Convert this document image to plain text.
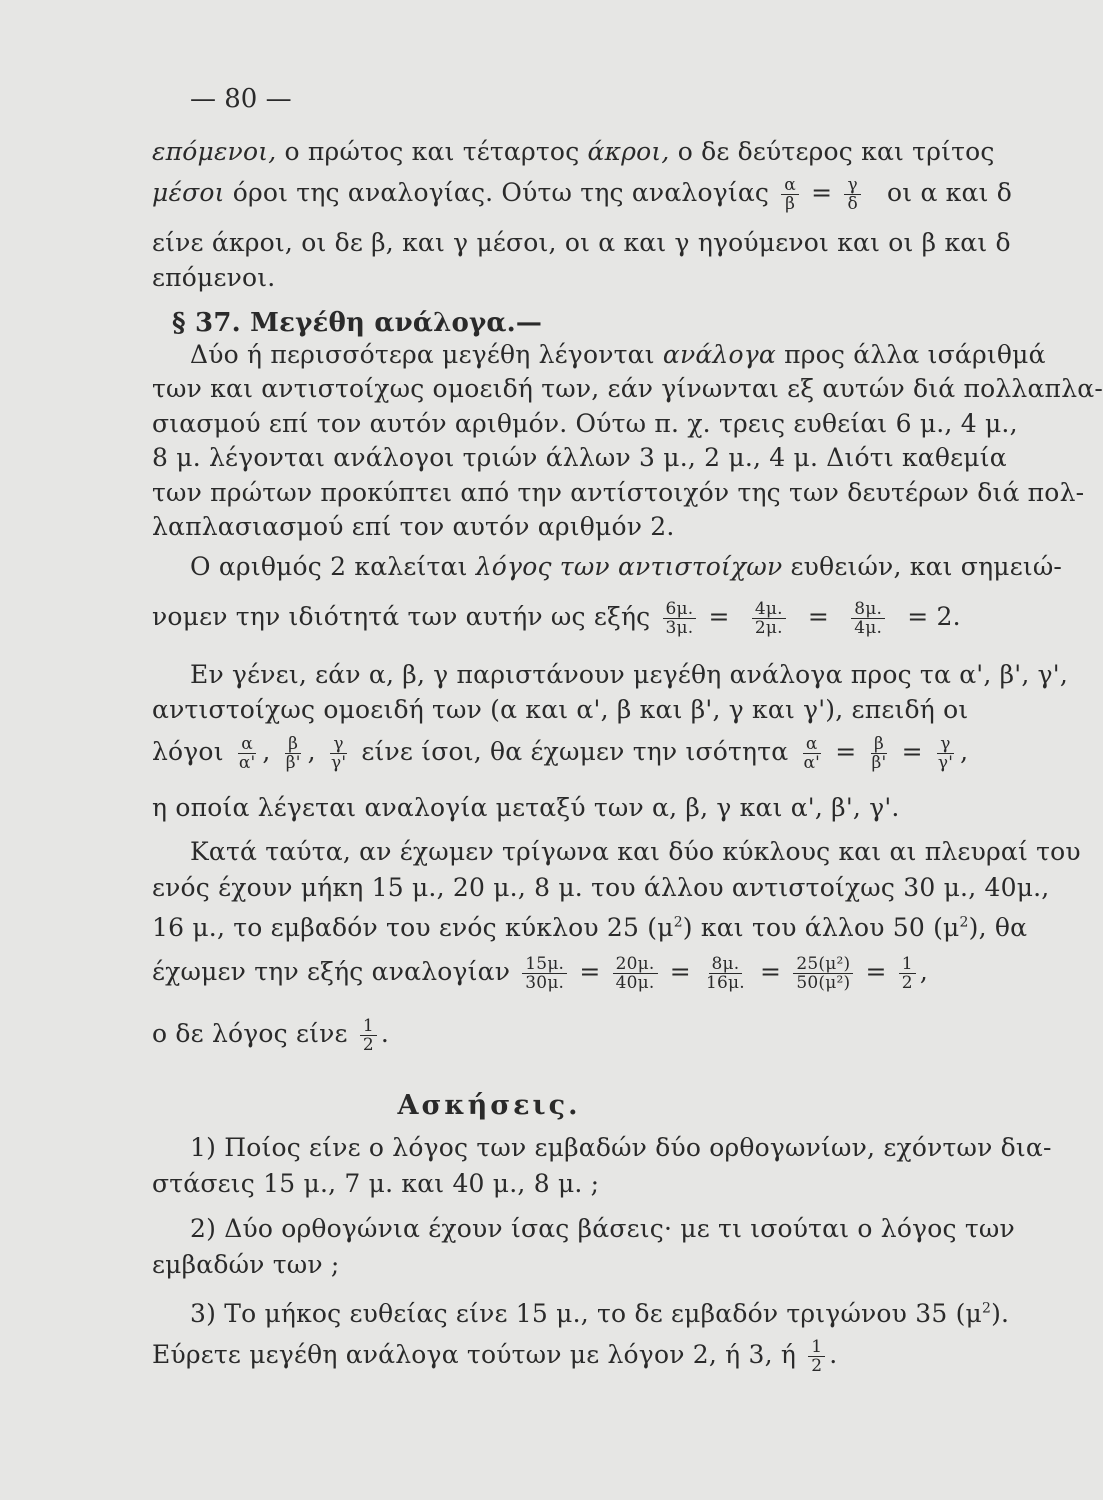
— 80 —
επόμενοι, ο πρώτος και τέταρτος άκροι, ο δε δεύτερος και τρίτος
μέσοι όροι της αναλογίας. Ούτω της αναλογίας $\frac{\alpha}{\beta} = \frac{\gamma}{\delta}$ οι α και δ
είνε άκροι, οι δε β, και γ μέσοι, οι α και γ ηγούμενοι και οι β και δ
επόμενοι.
§ 37. Μεγέθη ανάλογα.—
Δύο ή περισσότερα μεγέθη λέγονται ανάλογα προς άλλα ισάριθμά
των και αντιστοίχως ομοειδή των, εάν γίνωνται εξ αυτών διά πολλαπλα-
σιασμού επί τον αυτόν αριθμόν. Ούτω π. χ. τρεις ευθείαι 6 μ., 4 μ.,
8 μ. λέγονται ανάλογοι τριών άλλων 3 μ., 2 μ., 4 μ. Διότι καθεμία
των πρώτων προκύπτει από την αντίστοιχόν της των δευτέρων διά πολ-
λαπλασιασμού επί τον αυτόν αριθμόν 2.
Ο αριθμός 2 καλείται λόγος των αντιστοίχων ευθειών, και σημειώ-
νομεν την ιδιότητά των αυτήν ως εξής $\frac{6\mu.}{3\mu.} = \frac{4\mu.}{2\mu.} = \frac{8\mu.}{4\mu.} = 2$.
Εν γένει, εάν α, β, γ παριστάνουν μεγέθη ανάλογα προς τα α', β', γ',
αντιστοίχως ομοειδή των (α και α', β και β', γ και γ'), επειδή οι
λόγοι $\frac{\alpha}{\alpha'}$ , $\frac{\beta}{\beta'}$ , $\frac{\gamma}{\gamma'}$ είνε ίσοι, θα έχωμεν την ισότητα $\frac{\alpha}{\alpha'} = \frac{\beta}{\beta'} = \frac{\gamma}{\gamma'}$ ,
η οποία λέγεται αναλογία μεταξύ των α, β, γ και α', β', γ'.
Κατά ταύτα, αν έχωμεν τρίγωνα και δύο κύκλους και αι πλευραί του
ενός έχουν μήκη 15 μ., 20 μ., 8 μ. του άλλου αντιστοίχως 30 μ., 40μ.,
16 μ., το εμβαδόν του ενός κύκλου 25 $(\mu^2)$ και του άλλου 50 $(\mu^2)$, θα
έχωμεν την εξής αναλογίαν $\frac{15\mu.}{30\mu.} = \frac{20\mu.}{40\mu.} = \frac{8\mu.}{16\mu.} = \frac{\text{25(μ²)}}{\text{50(μ²)}} = \frac{1}{2}$ ,
ο δε λόγος είνε $\frac{1}{2}$ .
Ασκήσεις.
1) Ποίος είνε ο λόγος των εμβαδών δύο ορθογωνίων, εχόντων δια-
στάσεις 15 μ., 7 μ. και 40 μ., 8 μ. ;
2) Δύο ορθογώνια έχουν ίσας βάσεις· με τι ισούται ο λόγος των
εμβαδών των ;
3) Το μήκος ευθείας είνε 15 μ., το δε εμβαδόν τριγώνου 35 $(\mu^2)$.
Εύρετε μεγέθη ανάλογα τούτων με λόγον 2, ή 3, ή $\frac{1}{2}$ .
